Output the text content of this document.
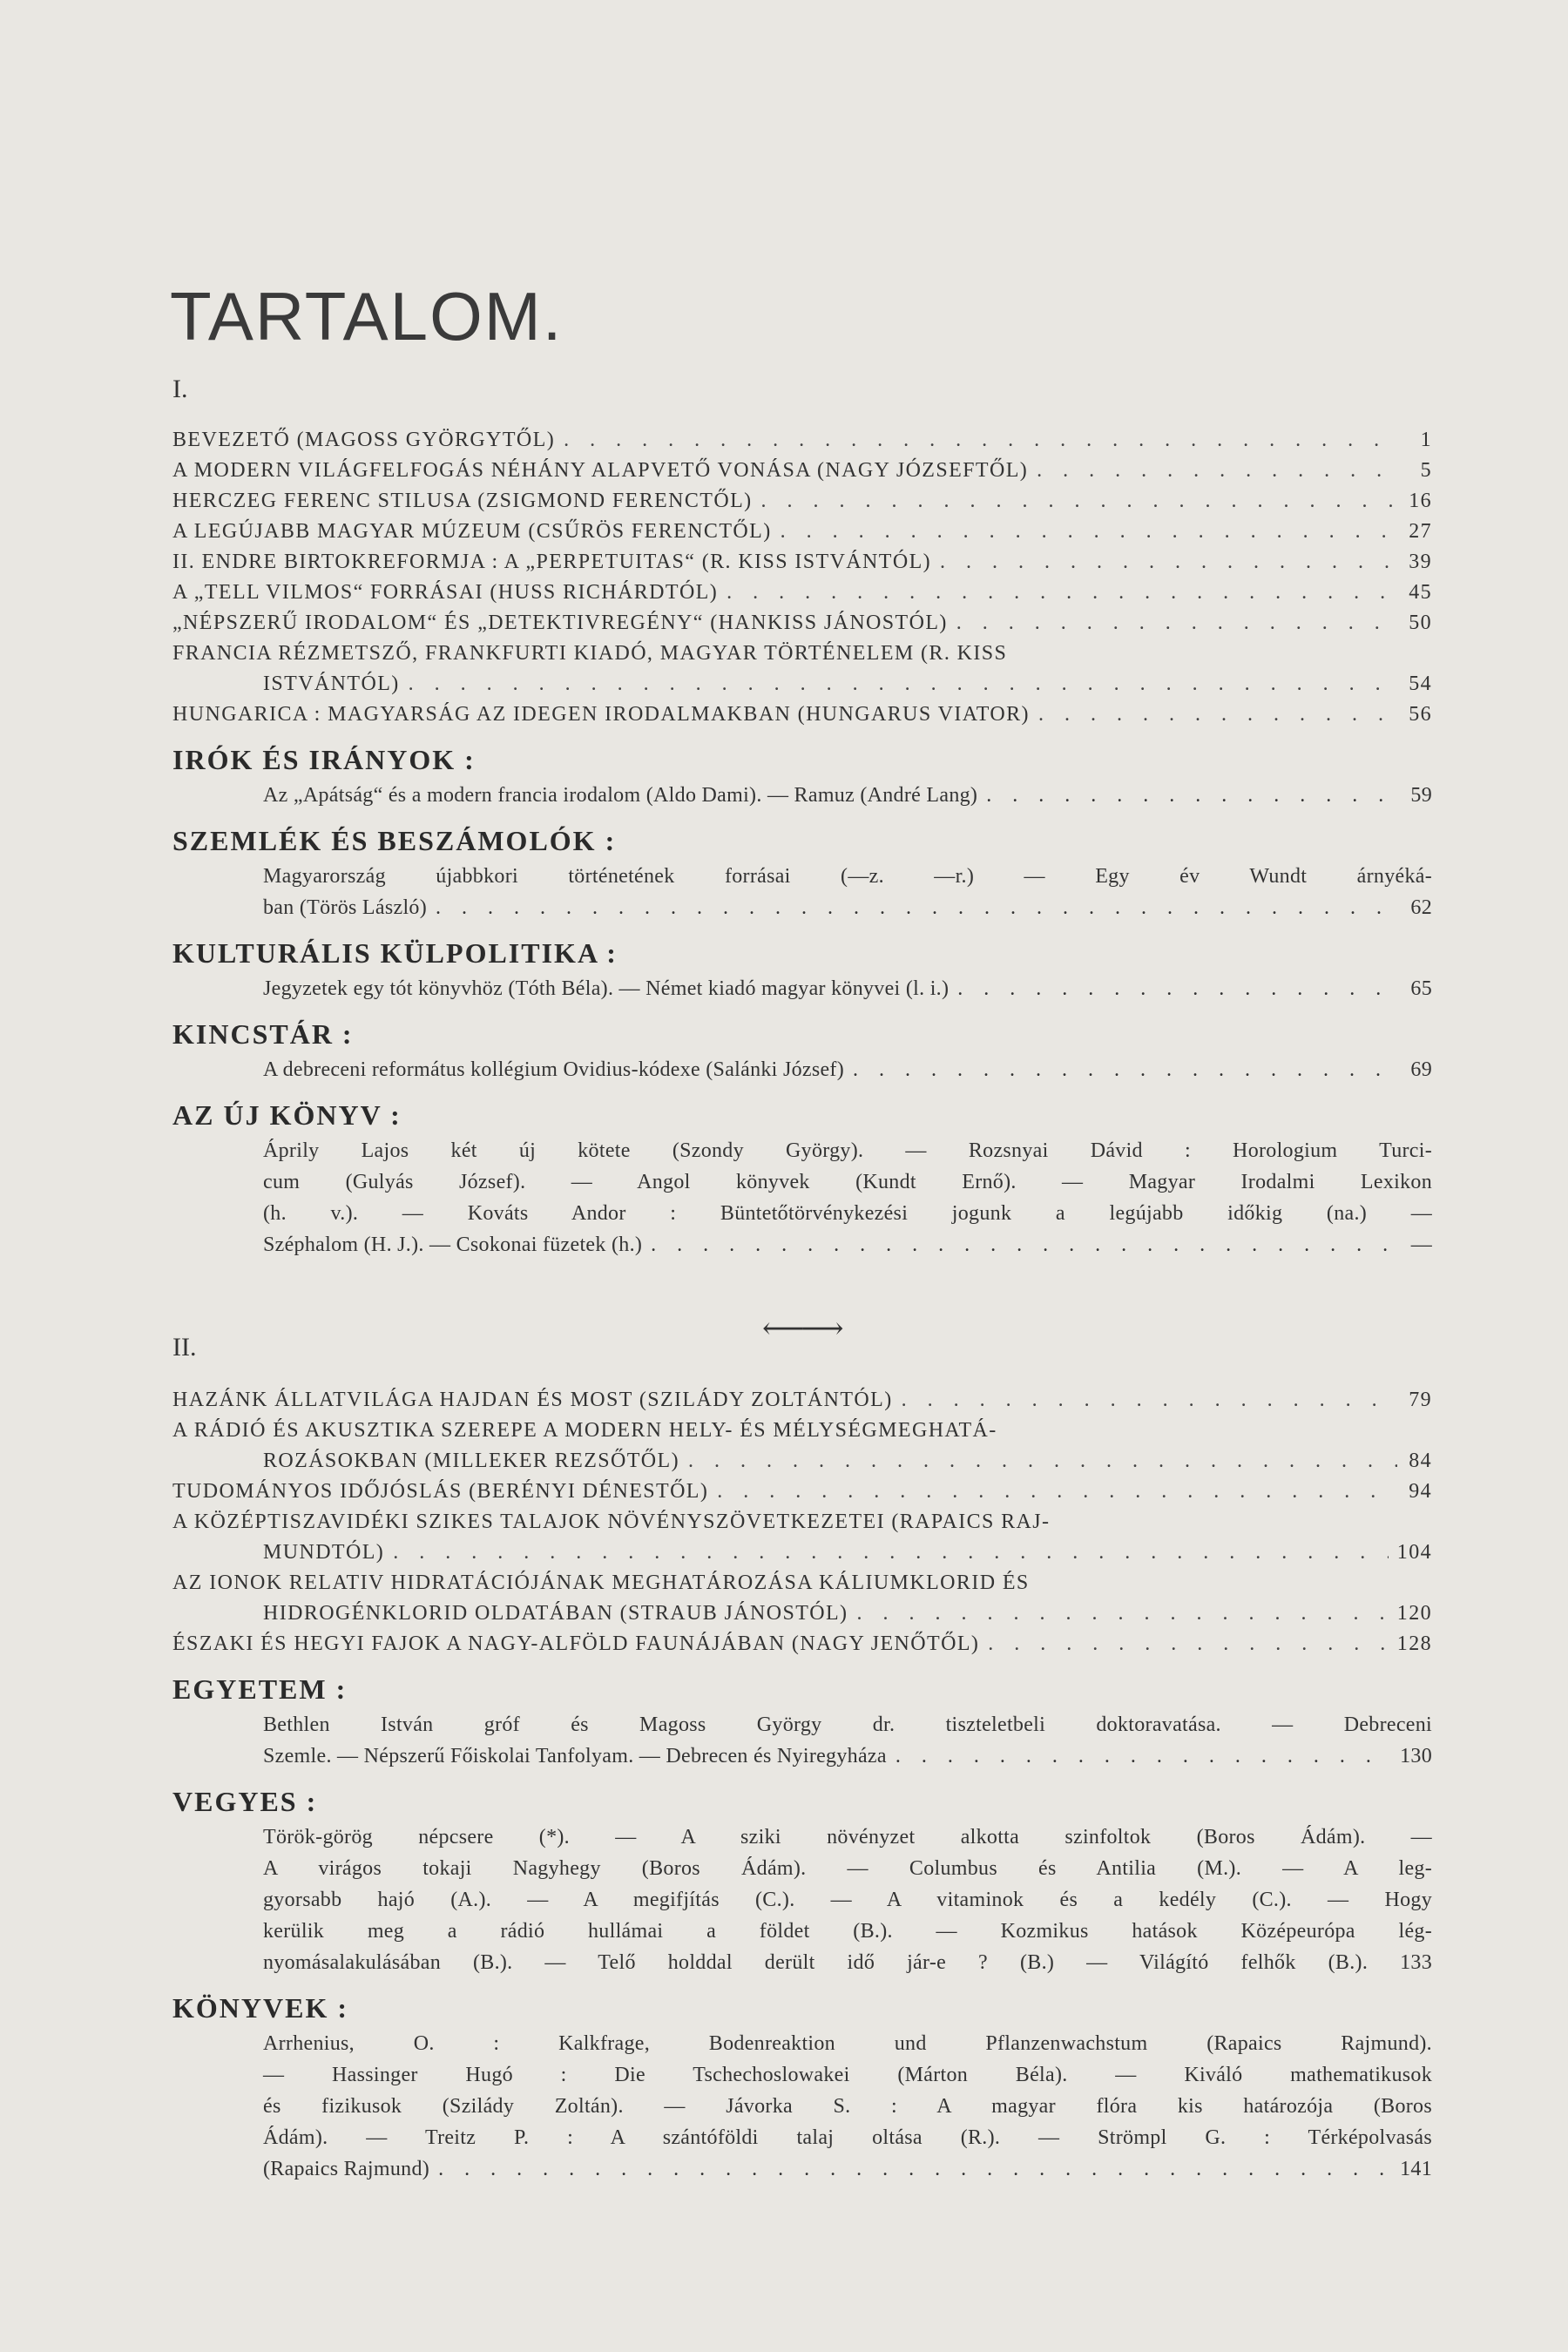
TARTALOM.
I.
BEVEZETŐ (MAGOSS GYÖRGYTŐL) . . .	1
A MODERN VILÁGFELFOGÁS NÉHÁNY ALAPVETŐ VONÁSA (NAGY JÓZSEFTŐL) . . .	5
HERCZEG FERENC STILUSA (ZSIGMOND FERENCTŐL) . . .	16
A LEGÚJABB MAGYAR MÚZEUM (CSŰRÖS FERENCTŐL) . . .	27
II. ENDRE BIRTOKREFORMJA : A „PERPETUITAS“ (R. KISS ISTVÁNTÓL) . . .	39
A „TELL VILMOS“ FORRÁSAI (HUSS RICHÁRDTÓL) . . .	45
„NÉPSZERŰ IRODALOM“ ÉS „DETEKTIVREGÉNY“ (HANKISS JÁNOSTÓL) . . .	50
FRANCIA RÉZMETSZŐ, FRANKFURTI KIADÓ, MAGYAR TÖRTÉNELEM (R. KISS
ISTVÁNTÓL) . . .	54
HUNGARICA : MAGYARSÁG AZ IDEGEN IRODALMAKBAN (HUNGARUS VIATOR) . . .	56
IRÓK ÉS IRÁNYOK :
Az „Apátság“ és a modern francia irodalom (Aldo Dami). — Ramuz (André Lang) . . .	59
SZEMLÉK ÉS BESZÁMOLÓK :
Magyarország újabbkori történetének forrásai (—z. —r.) — Egy év Wundt árnyéká-
ban (Törös László) . . .	62
KULTURÁLIS KÜLPOLITIKA :
Jegyzetek egy tót könyvhöz (Tóth Béla). — Német kiadó magyar könyvei (l. i.) . . .	65
KINCSTÁR :
A debreceni református kollégium Ovidius-kódexe (Salánki József) . . .	69
AZ ÚJ KÖNYV :
Áprily Lajos két új kötete (Szondy György). — Rozsnyai Dávid : Horologium Turci-
cum (Gulyás József). — Angol könyvek (Kundt Ernő). — Magyar Irodalmi Lexikon
(h. v.). — Kováts Andor : Büntetőtörvénykezési jogunk a legújabb időkig (na.) —
Széphalom (H. J.). — Csokonai füzetek (h.) . . .	—
⟵⟶
II.
HAZÁNK ÁLLATVILÁGA HAJDAN ÉS MOST (SZILÁDY ZOLTÁNTÓL) . . .	79
A RÁDIÓ ÉS AKUSZTIKA SZEREPE A MODERN HELY- ÉS MÉLYSÉGMEGHATÁ-
ROZÁSOKBAN (MILLEKER REZSŐTŐL) . . .	84
TUDOMÁNYOS IDŐJÓSLÁS (BERÉNYI DÉNESTŐL) . . .	94
A KÖZÉPTISZAVIDÉKI SZIKES TALAJOK NÖVÉNYSZÖVETKEZETEI (RAPAICS RAJ-
MUNDTÓL) . . .	104
AZ IONOK RELATIV HIDRATÁCIÓJÁNAK MEGHATÁROZÁSA KÁLIUMKLORID ÉS
HIDROGÉNKLORID OLDATÁBAN (STRAUB JÁNOSTÓL) . . .	120
ÉSZAKI ÉS HEGYI FAJOK A NAGY-ALFÖLD FAUNÁJÁBAN (NAGY JENŐTŐL) . . .	128
EGYETEM :
Bethlen István gróf és Magoss György dr. tiszteletbeli doktoravatása. — Debreceni
Szemle. — Népszerű Főiskolai Tanfolyam. — Debrecen és Nyiregyháza . . .	130
VEGYES :
Török-görög népcsere (*). — A sziki növényzet alkotta szinfoltok (Boros Ádám). —
A virágos tokaji Nagyhegy (Boros Ádám). — Columbus és Antilia (M.). — A leg-
gyorsabb hajó (A.). — A megifjítás (C.). — A vitaminok és a kedély (C.). — Hogy
kerülik meg a rádió hullámai a földet (B.). — Kozmikus hatások Középeurópa lég-
nyomásalakulásában (B.). — Telő holddal derült idő jár-e ? (B.) — Világító felhők (B.). 133
KÖNYVEK :
Arrhenius, O. : Kalkfrage, Bodenreaktion und Pflanzenwachstum (Rapaics Rajmund).
— Hassinger Hugó : Die Tschechoslowakei (Márton Béla). — Kiváló mathematikusok
és fizikusok (Szilády Zoltán). — Jávorka S. : A magyar flóra kis határozója (Boros
Ádám). — Treitz P. : A szántóföldi talaj oltása (R.). — Strömpl G. : Térképolvasás
(Rapaics Rajmund) . . .	141
